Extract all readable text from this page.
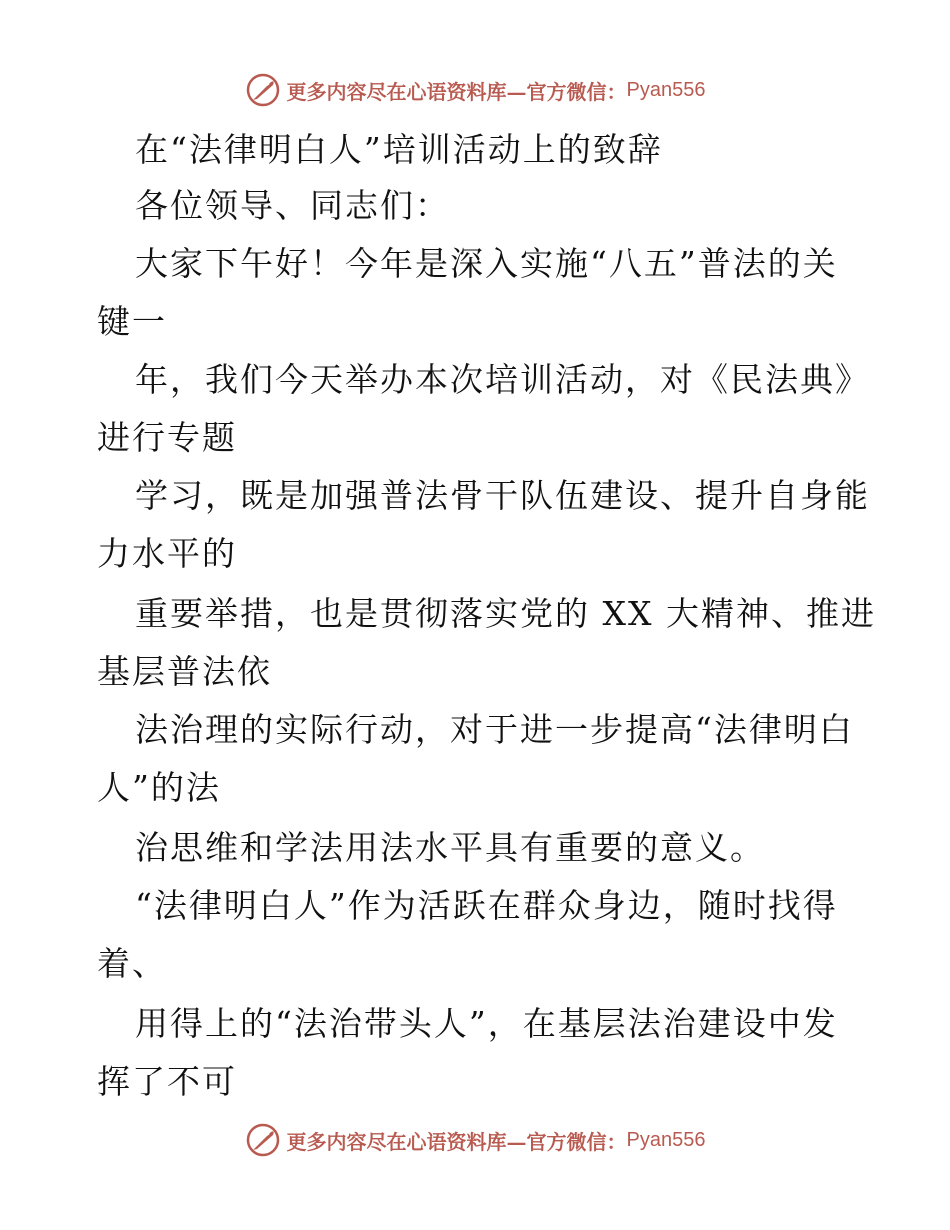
更多内容尽在心语资料库—官方微信： Pyan556
在“法律明白人”培训活动上的致辞
各位领导、同志们：
大家下午好！今年是深入实施“八五”普法的关
键一
年，我们今天举办本次培训活动，对《民法典》
进行专题
学习，既是加强普法骨干队伍建设、提升自身能
力水平的
重要举措，也是贯彻落实党的 XX 大精神、推进
基层普法依
法治理的实际行动，对于进一步提高“法律明白
人”的法
治思维和学法用法水平具有重要的意义。
“法律明白人”作为活跃在群众身边，随时找得
着、
用得上的“法治带头人”，在基层法治建设中发
挥了不可
更多内容尽在心语资料库—官方微信： Pyan556
